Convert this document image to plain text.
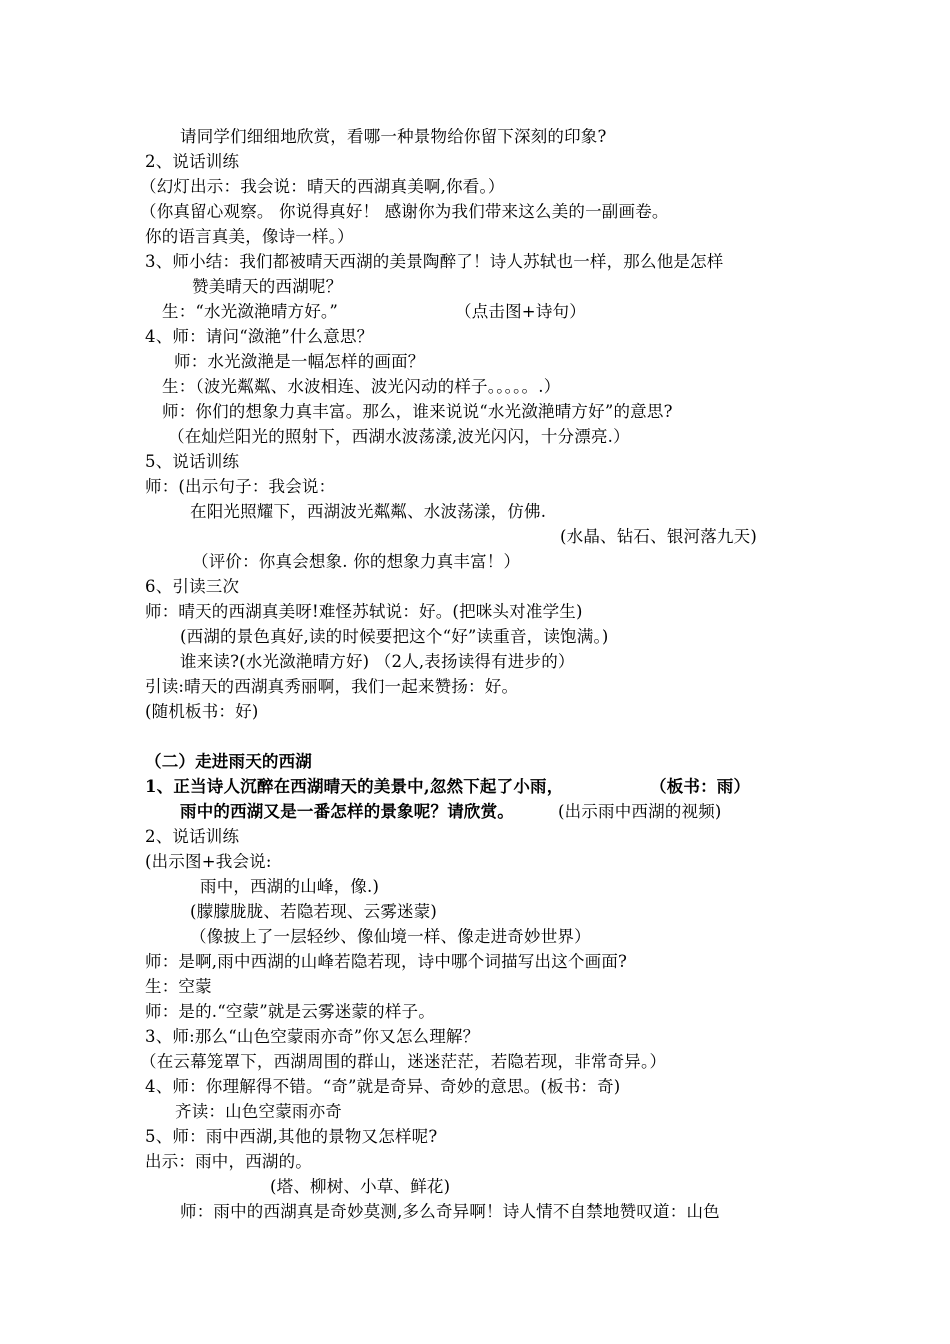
请同学们细细地欣赏，看哪一种景物给你留下深刻的印象?
2、说话训练
（幻灯出示：我会说：晴天的西湖真美啊,你看。）
（你真留心观察。 你说得真好！ 感谢你为我们带来这么美的一副画卷。
你的语言真美，像诗一样。）
3、师小结：我们都被晴天西湖的美景陶醉了！诗人苏轼也一样，那么他是怎样
赞美晴天的西湖呢？
生：“水光潋滟晴方好。”	（点击图+诗句）
4、师：请问“潋滟”什么意思？
师：水光潋滟是一幅怎样的画面？
生：（波光粼粼、水波相连、波光闪动的样子。。。。。.）
师：你们的想象力真丰富。那么，谁来说说“水光潋滟晴方好”的意思?
（在灿烂阳光的照射下，西湖水波荡漾,波光闪闪，十分漂亮.）
5、说话训练
师：(出示句子：我会说：
在阳光照耀下，西湖波光粼粼、水波荡漾，仿佛.
(水晶、钻石、银河落九天)
（评价：你真会想象. 你的想象力真丰富！）
6、引读三次
师：晴天的西湖真美呀!难怪苏轼说：好。(把咪头对准学生)
(西湖的景色真好,读的时候要把这个“好”读重音，读饱满。)
谁来读?(水光潋滟晴方好) （2人,表扬读得有进步的）
引读:晴天的西湖真秀丽啊，我们一起来赞扬：好。
(随机板书：好)
（二）走进雨天的西湖
1、正当诗人沉醉在西湖晴天的美景中,忽然下起了小雨，	（板书：雨）
雨中的西湖又是一番怎样的景象呢？请欣赏。	(出示雨中西湖的视频)
2、说话训练
(出示图+我会说:
雨中，西湖的山峰，像.)
(朦朦胧胧、若隐若现、云雾迷蒙)
（像披上了一层轻纱、像仙境一样、像走进奇妙世界）
师：是啊,雨中西湖的山峰若隐若现，诗中哪个词描写出这个画面?
生：空蒙
师：是的.“空蒙”就是云雾迷蒙的样子。
3、师:那么“山色空蒙雨亦奇”你又怎么理解？
（在云幕笼罩下，西湖周围的群山，迷迷茫茫，若隐若现，非常奇异。）
4、师：你理解得不错。“奇”就是奇异、奇妙的意思。(板书：奇)
齐读：山色空蒙雨亦奇
5、师：雨中西湖,其他的景物又怎样呢?
出示：雨中，西湖的。
(塔、柳树、小草、鲜花)
师：雨中的西湖真是奇妙莫测,多么奇异啊！诗人情不自禁地赞叹道：山色
